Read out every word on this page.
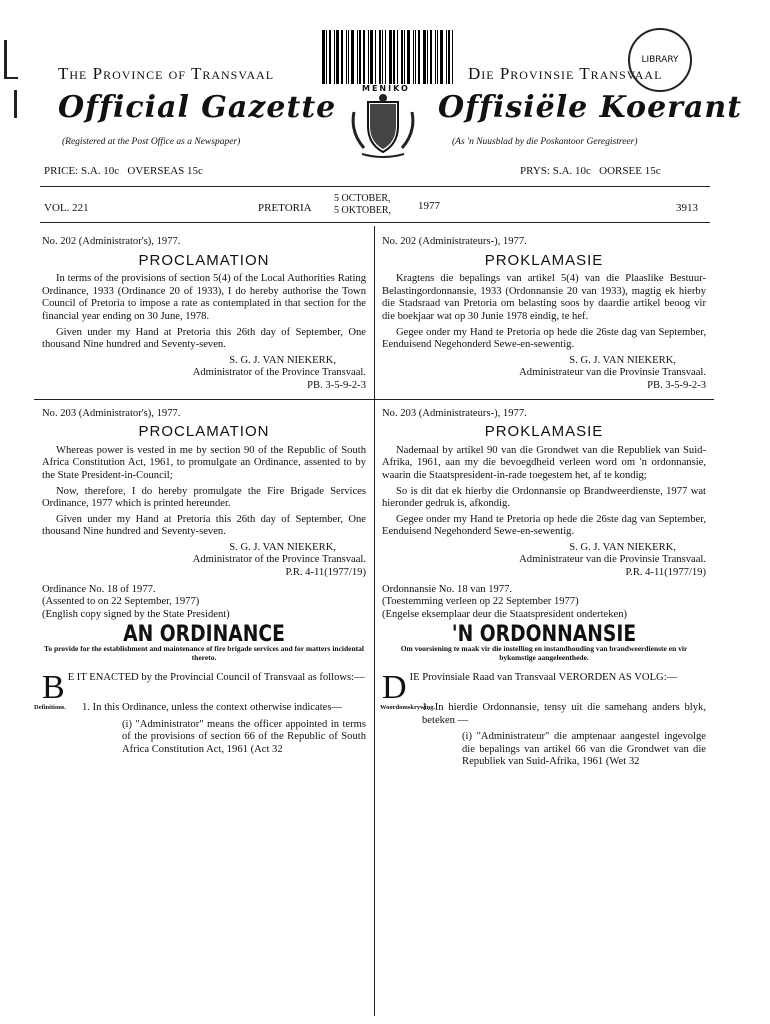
The Province of Transvaal	Die Provinsie Transvaal
MENIKO
LIBRARY
Official Gazette	Offisiële Koerant
(Registered at the Post Office as a Newspaper)	(As 'n Nuusblad by die Poskantoor Geregistreer)
PRICE: S.A. 10c   OVERSEAS 15c	PRYS: S.A. 10c   OORSEE 15c
VOL. 221	PRETORIA
5 OCTOBER,
5 OKTOBER, 1977	3913
No. 202 (Administrator's), 1977.
PROCLAMATION

In terms of the provisions of section 5(4) of the Local Authorities Rating Ordinance, 1933 (Ordinance 20 of 1933), I do hereby authorise the Town Council of Pretoria to impose a rate as contemplated in that section for the financial year ending on 30 June, 1978.

Given under my Hand at Pretoria this 26th day of September, One thousand Nine hundred and Seventy-seven.

S. G. J. VAN NIEKERK,
Administrator of the Province Transvaal.
PB. 3-5-9-2-3
No. 203 (Administrator's), 1977.
PROCLAMATION

Whereas power is vested in me by section 90 of the Republic of South Africa Constitution Act, 1961, to promulgate an Ordinance, assented to by the State President-in-Council;

Now, therefore, I do hereby promulgate the Fire Brigade Services Ordinance, 1977 which is printed hereunder.

Given under my Hand at Pretoria this 26th day of September, One thousand Nine hundred and Seventy-seven.

S. G. J. VAN NIEKERK,
Administrator of the Province Transvaal.
P.R. 4-11(1977/19)
Ordinance No. 18 of 1977.
(Assented to on 22 September, 1977)
(English copy signed by the State President)
AN ORDINANCE
To provide for the establishment and maintenance of fire brigade services and for matters incidental thereto.
B E IT ENACTED by the Provincial Council of Transvaal as follows:—
Definitions. 1. In this Ordinance, unless the context otherwise indicates—
(i) "Administrator" means the officer appointed in terms of the provisions of section 66 of the Republic of South Africa Constitution Act, 1961 (Act 32
No. 202 (Administrateurs-), 1977.
PROKLAMASIE

Kragtens die bepalings van artikel 5(4) van die Plaaslike Bestuur-Belastingordonnansie, 1933 (Ordonnansie 20 van 1933), magtig ek hierby die Stadsraad van Pretoria om belasting soos by daardie artikel beoog vir die boekjaar wat op 30 Junie 1978 eindig, te hef.

Gegee onder my Hand te Pretoria op hede die 26ste dag van September, Eenduisend Negehonderd Sewe-en-sewentig.

S. G. J. VAN NIEKERK,
Administrateur van die Provinsie Transvaal.
PB. 3-5-9-2-3
No. 203 (Administrateurs-), 1977.
PROKLAMASIE

Nademaal by artikel 90 van die Grondwet van die Republiek van Suid-Afrika, 1961, aan my die bevoegdheid verleen word om 'n ordonnansie, waarin die Staatspresident-in-rade toegestem het, af te kondig;

So is dit dat ek hierby die Ordonnansie op Brandweerdienste, 1977 wat hieronder gedruk is, afkondig.

Gegee onder my Hand te Pretoria op hede die 26ste dag van September, Eenduisend Negehonderd Sewe-en-sewentig.

S. G. J. VAN NIEKERK,
Administrateur van die Provinsie Transvaal.
P.R. 4-11(1977/19)
Ordonnansie No. 18 van 1977.
(Toestemming verleen op 22 September 1977)
(Engelse eksemplaar deur die Staatspresident onderteken)
'N ORDONNANSIE
Om voorsiening te maak vir die instelling en instandhouding van brandweerdienste en vir bykomstige aangeleenthede.
D IE Provinsiale Raad van Transvaal VERORDEN AS VOLG:—
Woordomskrywing.
1. In hierdie Ordonnansie, tensy uit die samehang anders blyk, beteken —
(i) "Administrateur" die amptenaar aangestel ingevolge die bepalings van artikel 66 van die Grondwet van die Republiek van Suid-Afrika, 1961 (Wet 32
